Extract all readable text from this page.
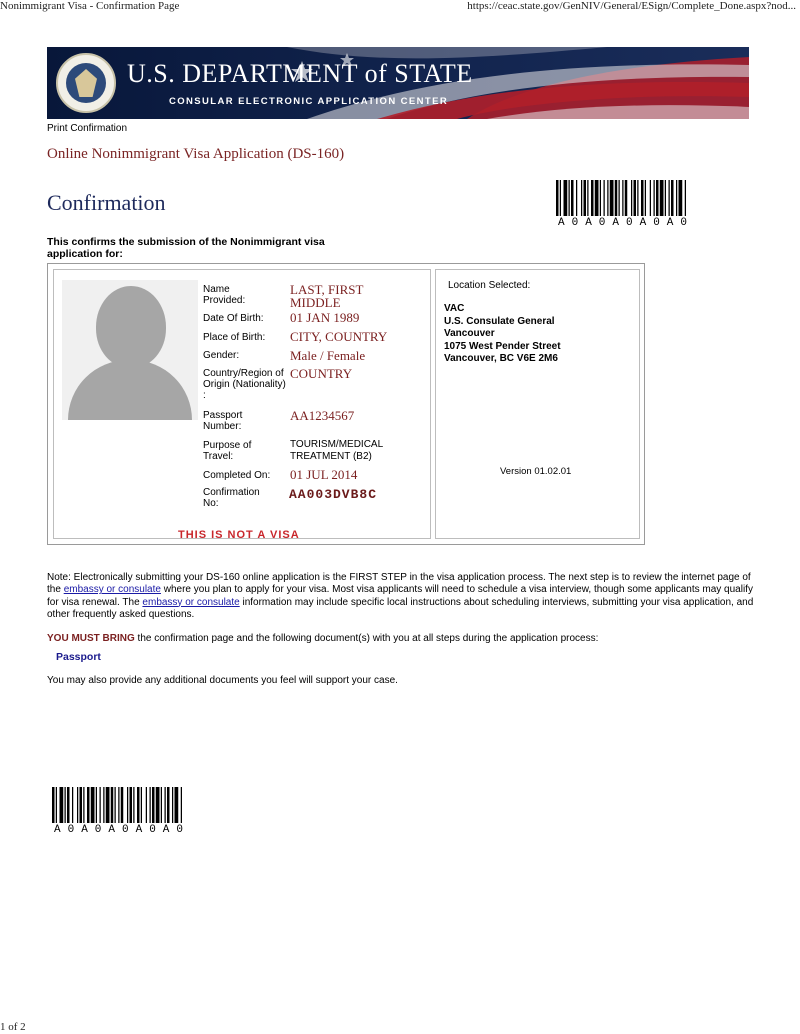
Nonimmigrant Visa - Confirmation Page	https://ceac.state.gov/GenNIV/General/ESign/Complete_Done.aspx?nod...
U.S. DEPARTMENT of STATE
CONSULAR ELECTRONIC APPLICATION CENTER
Print Confirmation
Online Nonimmigrant Visa Application (DS-160)
Confirmation
A0A0A0A0A0
This confirms the submission of the Nonimmigrant visa application for:
Name Provided:
LAST, FIRST MIDDLE
Date Of Birth: 01 JAN 1989
Place of Birth: CITY, COUNTRY
Gender:	Male / Female
Country/Region of Origin (Nationality) :
COUNTRY
Passport Number:
AA1234567
Purpose of Travel:
TOURISM/MEDICAL TREATMENT (B2)
Completed On: 01 JUL 2014
Confirmation No:
AA003DVB8C
THIS IS NOT A VISA
Location Selected:
VAC
U.S. Consulate General
Vancouver
1075 West Pender Street
Vancouver, BC V6E 2M6
Version 01.02.01
Note: Electronically submitting your DS-160 online application is the FIRST STEP in the visa application process. The next step is to review the internet page of the embassy or consulate where you plan to apply for your visa. Most visa applicants will need to schedule a visa interview, though some applicants may qualify for visa renewal. The embassy or consulate information may include specific local instructions about scheduling interviews, submitting your visa application, and other frequently asked questions.
YOU MUST BRING the confirmation page and the following document(s) with you at all steps during the application process:
Passport
You may also provide any additional documents you feel will support your case.
A0A0A0A0A0
1 of 2
